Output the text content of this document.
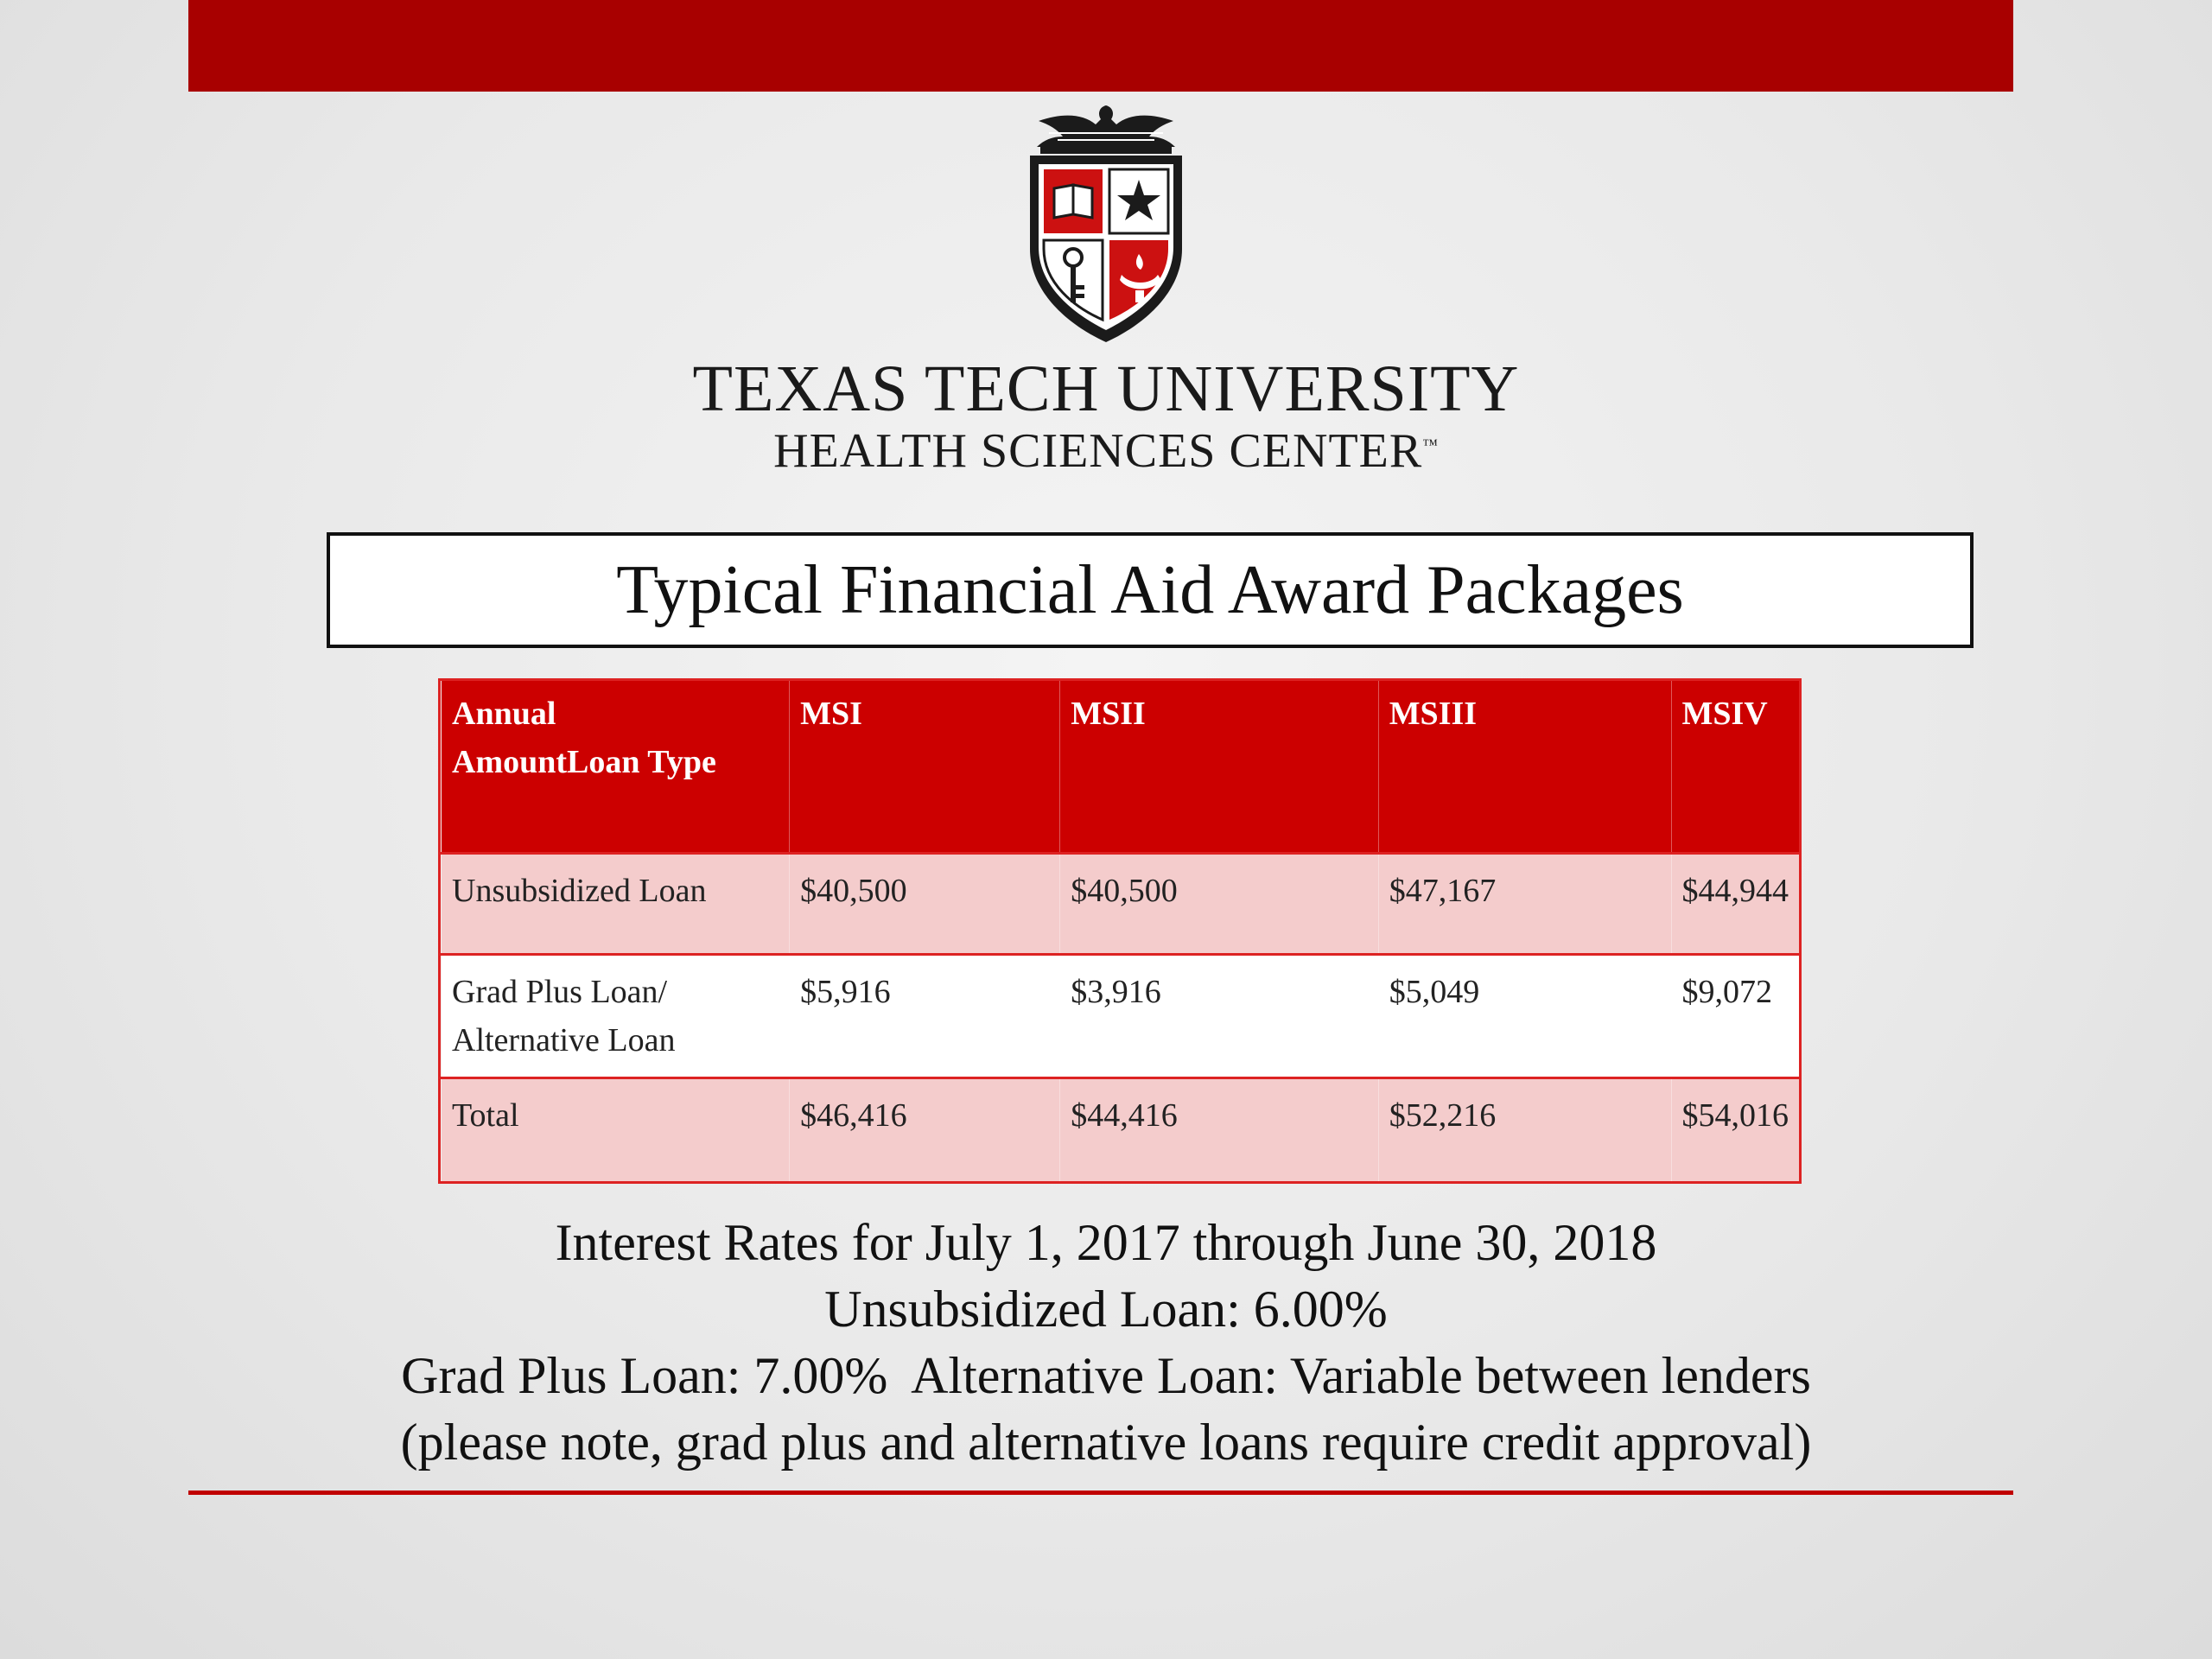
TEXAS TECH UNIVERSITY
HEALTH SCIENCES CENTER™
Typical Financial Aid Award Packages
Annual
AmountLoan Type	MSI	MSII	MSIII	MSIV
Unsubsidized Loan	$40,500	$40,500	$47,167	$44,944
Grad Plus Loan/
Alternative Loan	$5,916	$3,916	$5,049	$9,072
Total	$46,416	$44,416	$52,216	$54,016
Interest Rates for July 1, 2017 through June 30, 2018
Unsubsidized Loan: 6.00%
Grad Plus Loan: 7.00%  Alternative Loan: Variable between lenders
(please note, grad plus and alternative loans require credit approval)
